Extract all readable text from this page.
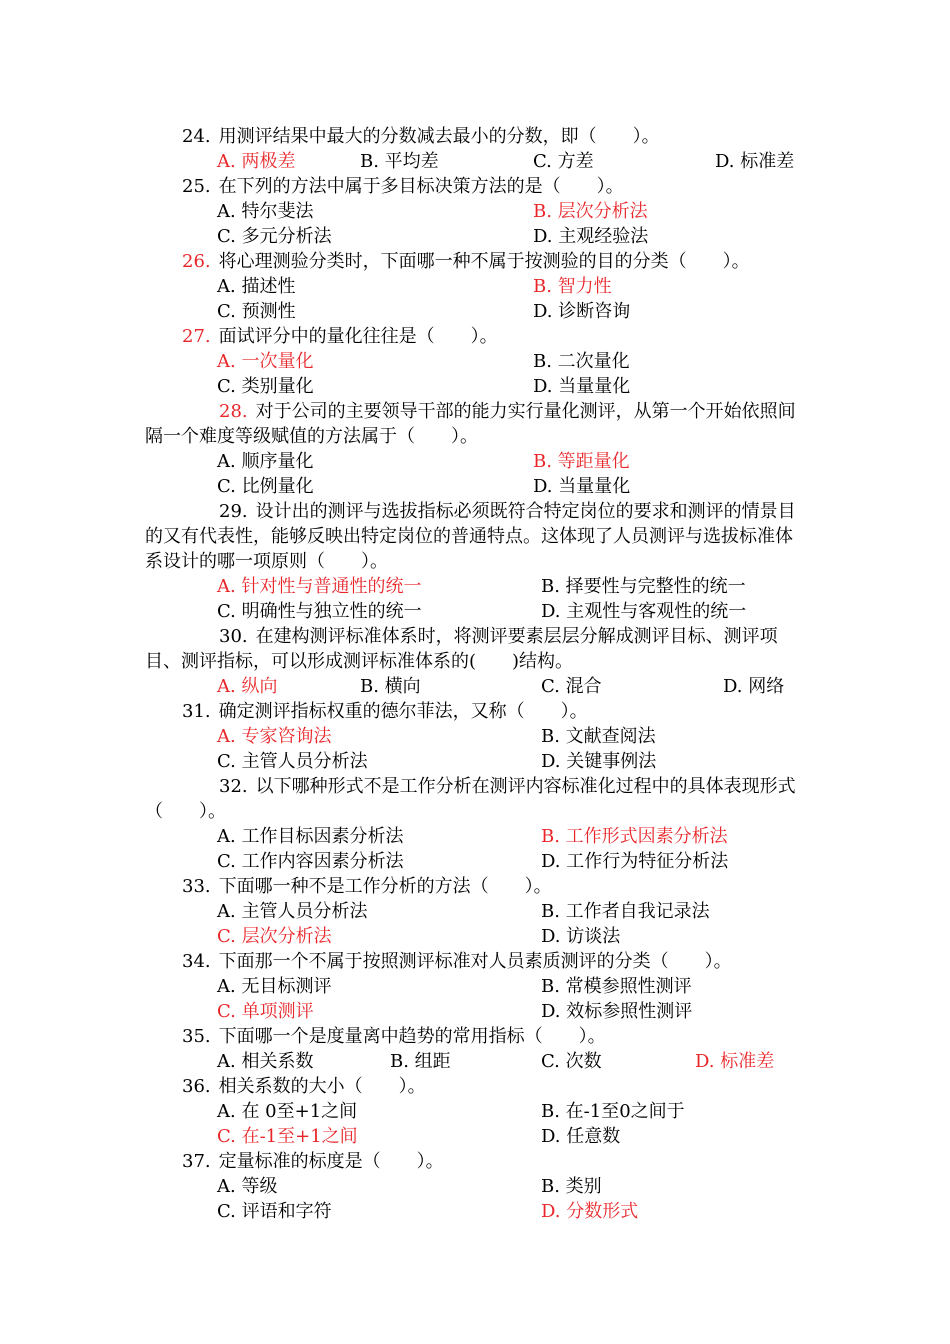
24. 用测评结果中最大的分数减去最小的分数，即（　　）。
A. 两极差	B. 平均差	C. 方差	D. 标准差
25. 在下列的方法中属于多目标决策方法的是（　　）。
A. 特尔斐法	B. 层次分析法
C. 多元分析法	D. 主观经验法
26. 将心理测验分类时，下面哪一种不属于按测验的目的分类（　　）。
A. 描述性	B. 智力性
C. 预测性	D. 诊断咨询
27. 面试评分中的量化往往是（　　）。
A. 一次量化	B. 二次量化
C. 类别量化	D. 当量量化
28. 对于公司的主要领导干部的能力实行量化测评，从第一个开始依照间隔一个难度等级赋值的方法属于（　　）。
A. 顺序量化	B. 等距量化
C. 比例量化	D. 当量量化
29. 设计出的测评与选拔指标必须既符合特定岗位的要求和测评的情景目的又有代表性，能够反映出特定岗位的普通特点。这体现了人员测评与选拔标准体系设计的哪一项原则（　　）。
A. 针对性与普通性的统一	B. 择要性与完整性的统一
C. 明确性与独立性的统一	D. 主观性与客观性的统一
30. 在建构测评标准体系时，将测评要素层层分解成测评目标、测评项目、测评指标，可以形成测评标准体系的(　　)结构。
A. 纵向	B. 横向	C. 混合	D. 网络
31. 确定测评指标权重的德尔菲法，又称（　　）。
A. 专家咨询法	B. 文献查阅法
C. 主管人员分析法	D. 关键事例法
32. 以下哪种形式不是工作分析在测评内容标准化过程中的具体表现形式（　　）。
A. 工作目标因素分析法	B. 工作形式因素分析法
C. 工作内容因素分析法	D. 工作行为特征分析法
33. 下面哪一种不是工作分析的方法（　　）。
A. 主管人员分析法	B. 工作者自我记录法
C. 层次分析法	D. 访谈法
34. 下面那一个不属于按照测评标准对人员素质测评的分类（　　）。
A. 无目标测评	B. 常模参照性测评
C. 单项测评	D. 效标参照性测评
35. 下面哪一个是度量离中趋势的常用指标（　　）。
A. 相关系数	B. 组距	C. 次数	D. 标准差
36. 相关系数的大小（　　）。
A. 在 0至+1之间	B. 在-1至0之间于
C. 在-1至+1之间	D. 任意数
37. 定量标准的标度是（　　）。
A. 等级	B. 类别
C. 评语和字符	D. 分数形式
